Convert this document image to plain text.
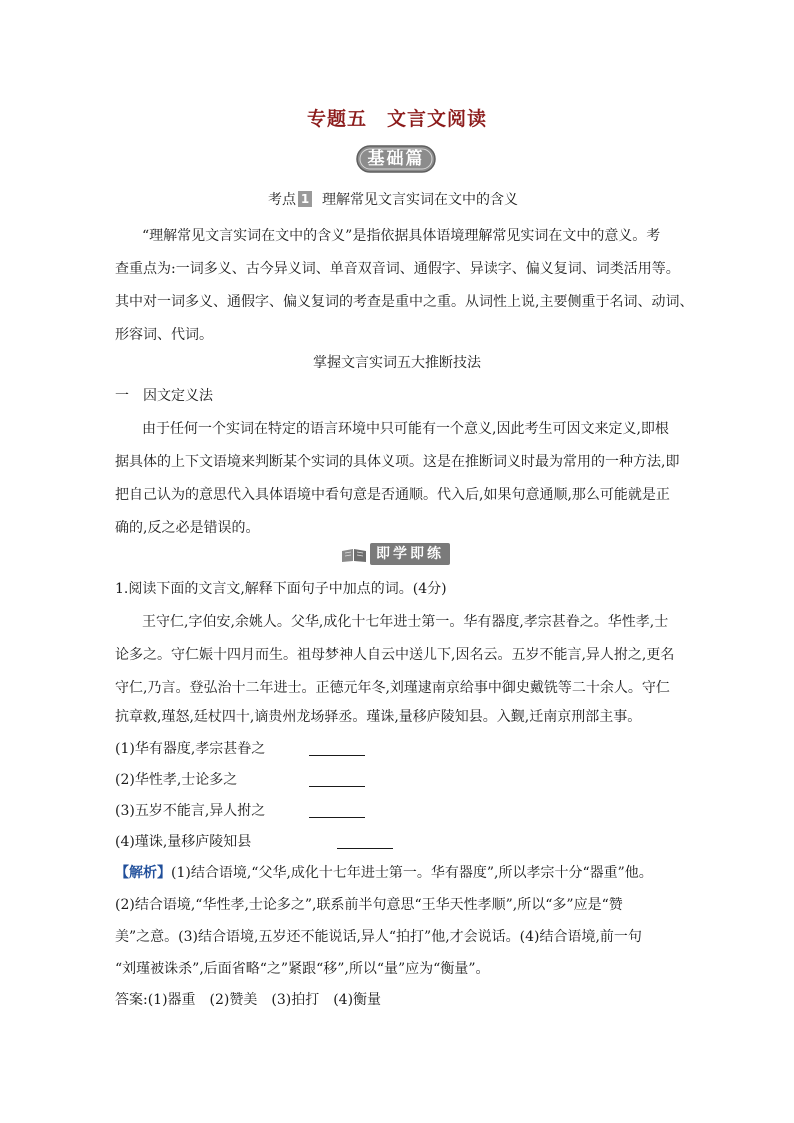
专题五　文言文阅读
基础篇
考点 1 理解常见文言实词在文中的含义
“理解常见文言实词在文中的含义”是指依据具体语境理解常见实词在文中的意义。考
查重点为:一词多义、古今异义词、单音双音词、通假字、异读字、偏义复词、词类活用等。
其中对一词多义、通假字、偏义复词的考查是重中之重。从词性上说,主要侧重于名词、动词、
形容词、代词。
掌握文言实词五大推断技法
一　因文定义法
由于任何一个实词在特定的语言环境中只可能有一个意义,因此考生可因文来定义,即根
据具体的上下文语境来判断某个实词的具体义项。这是在推断词义时最为常用的一种方法,即
把自己认为的意思代入具体语境中看句意是否通顺。代入后,如果句意通顺,那么可能就是正
确的,反之必是错误的。
即学即练
1.阅读下面的文言文,解释下面句子中加点的词。(4分)
王守仁,字伯安,余姚人。父华,成化十七年进士第一。华有器度,孝宗甚眷之。华性孝,士
论多之。守仁娠十四月而生。祖母梦神人自云中送儿下,因名云。五岁不能言,异人拊之,更名
守仁,乃言。登弘治十二年进士。正德元年冬,刘瑾逮南京给事中御史戴铣等二十余人。守仁
抗章救,瑾怒,廷杖四十,谪贵州龙场驿丞。瑾诛,量移庐陵知县。入觐,迁南京刑部主事。
(1)华有器度,孝宗甚眷之
(2)华性孝,士论多之
(3)五岁不能言,异人拊之
(4)瑾诛,量移庐陵知县
【解析】(1)结合语境,“父华,成化十七年进士第一。华有器度”,所以孝宗十分“器重”他。
(2)结合语境,“华性孝,士论多之”,联系前半句意思“王华天性孝顺”,所以“多”应是“赞
美”之意。(3)结合语境,五岁还不能说话,异人“拍打”他,才会说话。(4)结合语境,前一句
“刘瑾被诛杀”,后面省略“之”紧跟“移”,所以“量”应为“衡量”。
答案:(1)器重　(2)赞美　(3)拍打　(4)衡量
